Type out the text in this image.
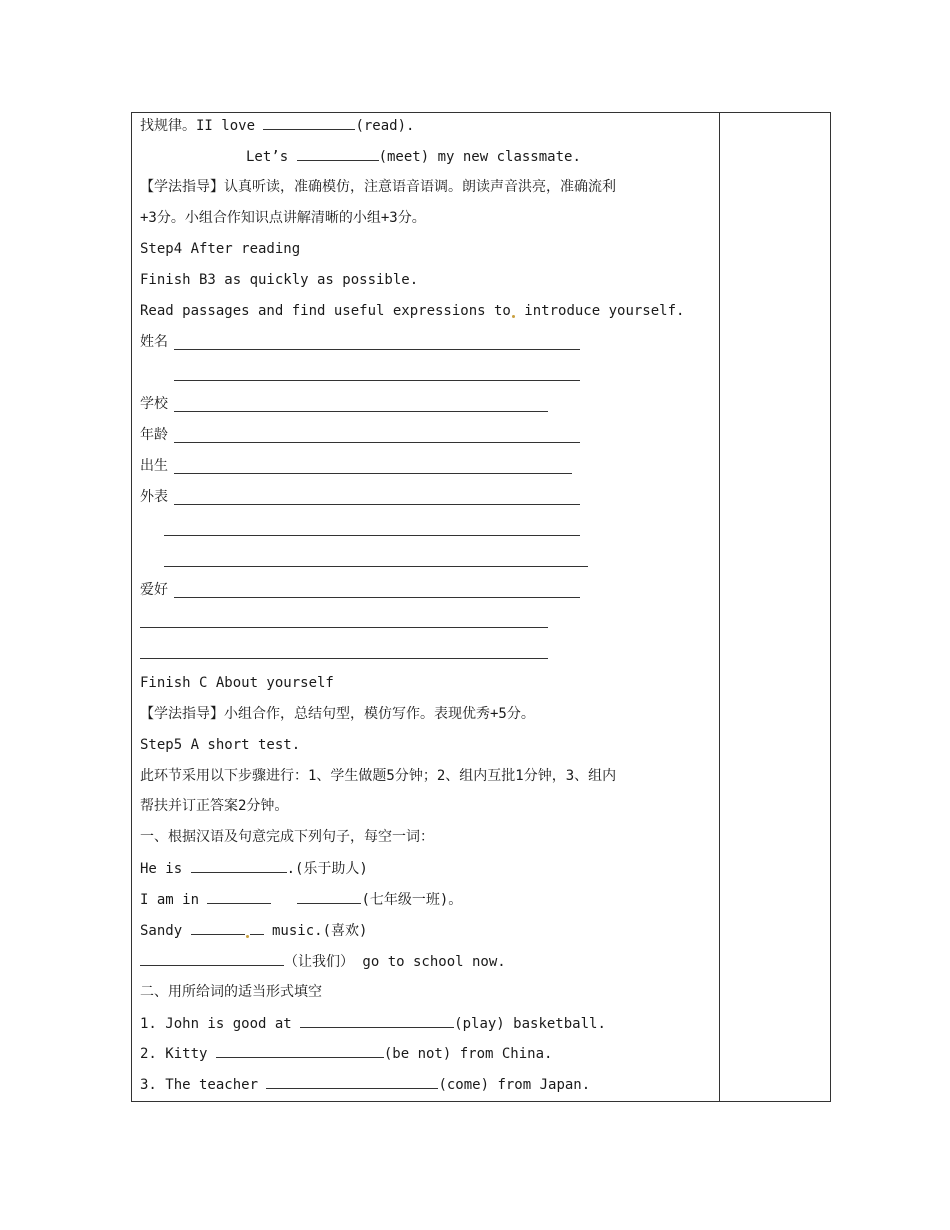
找规律。II love	(read).
Let’s	(meet) my new classmate.
【学法指导】认真听读，准确模仿，注意语音语调。朗读声音洪亮，准确流利
+3分。小组合作知识点讲解清晰的小组+3分。
Step4 After reading
Finish B3 as quickly as possible.
Read passages and find useful expressions to introduce yourself.
姓名
学校
年龄
出生
外表
爱好
Finish C About yourself
【学法指导】小组合作，总结句型，模仿写作。表现优秀+5分。
Step5 A short test.
此环节采用以下步骤进行：1、学生做题5分钟；2、组内互批1分钟，3、组内
帮扶并订正答案2分钟。
一、根据汉语及句意完成下列句子，每空一词：
He is	.(乐于助人)
I am in	(七年级一班)。
Sandy	music.(喜欢)
（让我们） go to school now.
二、用所给词的适当形式填空
1. John is good at	(play) basketball.
2. Kitty	(be not) from China.
3. The teacher	(come) from Japan.
